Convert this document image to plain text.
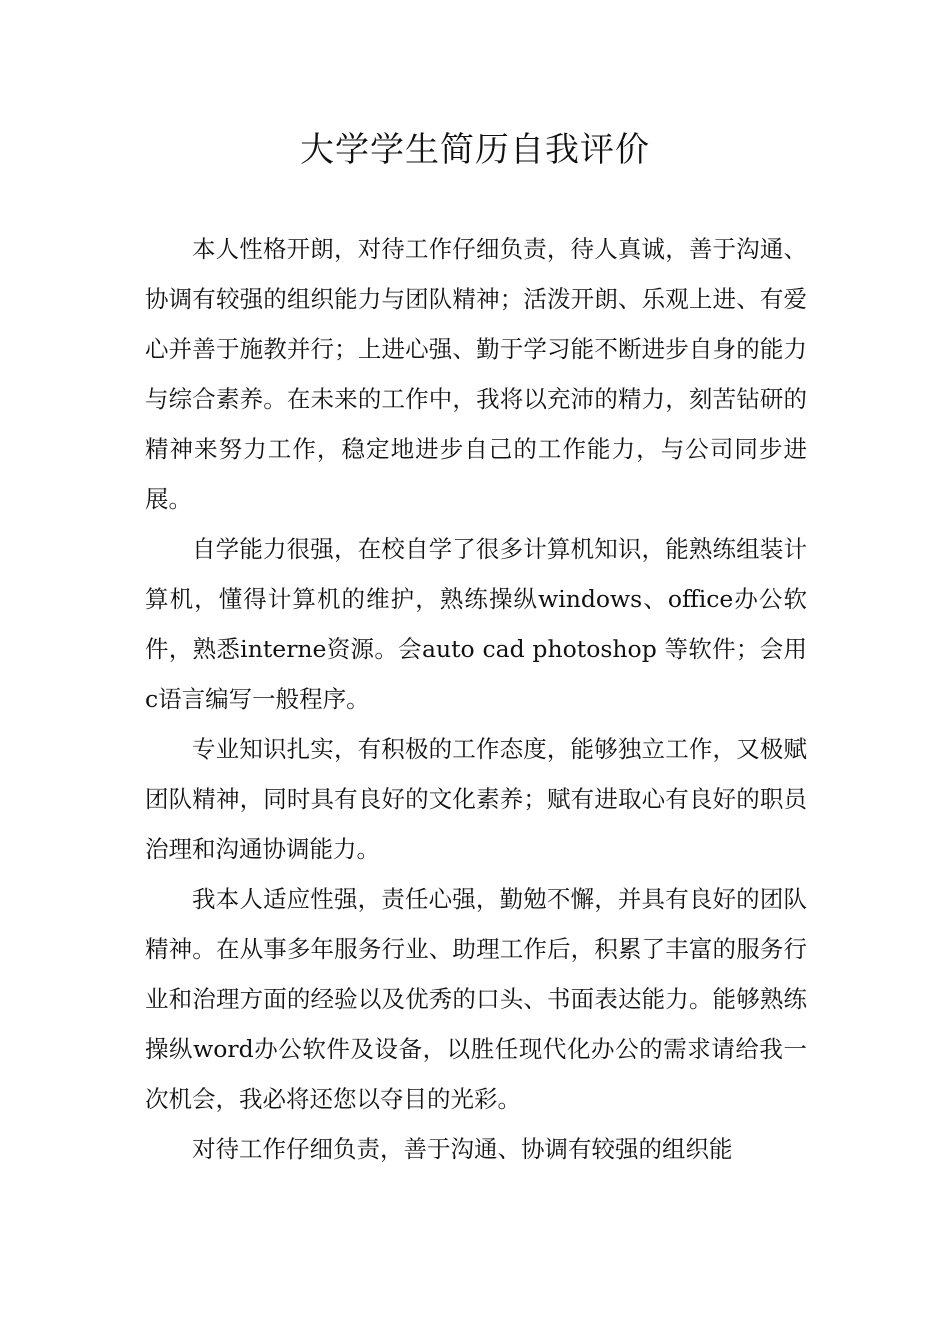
大学学生简历自我评价

本人性格开朗，对待工作仔细负责，待人真诚，善于沟通、协调有较强的组织能力与团队精神；活泼开朗、乐观上进、有爱心并善于施教并行；上进心强、勤于学习能不断进步自身的能力与综合素养。在未来的工作中，我将以充沛的精力，刻苦钻研的精神来努力工作，稳定地进步自己的工作能力，与公司同步进展。

自学能力很强，在校自学了很多计算机知识，能熟练组装计算机，懂得计算机的维护，熟练操纵windows、office办公软件，熟悉interne资源。会auto cad photoshop 等软件；会用c语言编写一般程序。

专业知识扎实，有积极的工作态度，能够独立工作，又极赋团队精神，同时具有良好的文化素养；赋有进取心有良好的职员治理和沟通协调能力。

我本人适应性强，责任心强，勤勉不懈，并具有良好的团队精神。在从事多年服务行业、助理工作后，积累了丰富的服务行业和治理方面的经验以及优秀的口头、书面表达能力。能够熟练操纵word办公软件及设备，以胜任现代化办公的需求请给我一次机会，我必将还您以夺目的光彩。

对待工作仔细负责，善于沟通、协调有较强的组织能
